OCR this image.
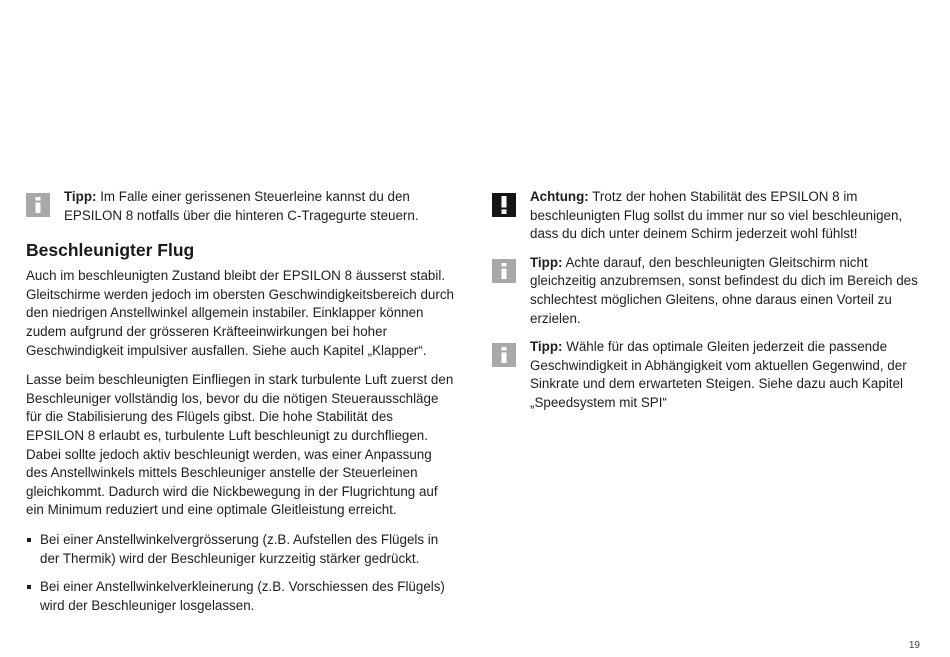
Tipp: Im Falle einer gerissenen Steuerleine kannst du den EPSILON 8 notfalls über die hinteren C-Tragegurte steuern.
Beschleunigter Flug

Auch im beschleunigten Zustand bleibt der EPSILON 8 äusserst stabil. Gleitschirme werden jedoch im obersten Geschwindigkeitsbereich durch den niedrigen Anstellwinkel allgemein instabiler. Einklapper können zudem aufgrund der grösseren Kräfteeinwirkungen bei hoher Geschwindigkeit impulsiver ausfallen. Siehe auch Kapitel „Klapper“.

Lasse beim beschleunigten Einfliegen in stark turbulente Luft zuerst den Beschleuniger vollständig los, bevor du die nötigen Steuerausschläge für die Stabilisierung des Flügels gibst. Die hohe Stabilität des EPSILON 8 erlaubt es, turbulente Luft beschleunigt zu durchfliegen. Dabei sollte jedoch aktiv beschleunigt werden, was einer Anpassung des Anstellwinkels mittels Beschleuniger anstelle der Steuerleinen gleichkommt. Dadurch wird die Nickbewegung in der Flugrichtung auf ein Minimum reduziert und eine optimale Gleitleistung erreicht.

Bei einer Anstellwinkelvergrösserung (z.B. Aufstellen des Flügels in der Thermik) wird der Beschleuniger kurzzeitig stärker gedrückt.
Bei einer Anstellwinkelverkleinerung (z.B. Vorschiessen des Flügels) wird der Beschleuniger losgelassen.
Achtung: Trotz der hohen Stabilität des EPSILON 8 im beschleunigten Flug sollst du immer nur so viel beschleunigen, dass du dich unter deinem Schirm jederzeit wohl fühlst!
Tipp: Achte darauf, den beschleunigten Gleitschirm nicht gleichzeitig anzubremsen, sonst befindest du dich im Bereich des schlechtest möglichen Gleitens, ohne daraus einen Vorteil zu erzielen.
Tipp: Wähle für das optimale Gleiten jederzeit die passende Geschwindigkeit in Abhängigkeit vom aktuellen Gegenwind, der Sinkrate und dem erwarteten Steigen. Siehe dazu auch Kapitel „Speedsystem mit SPI“
19
